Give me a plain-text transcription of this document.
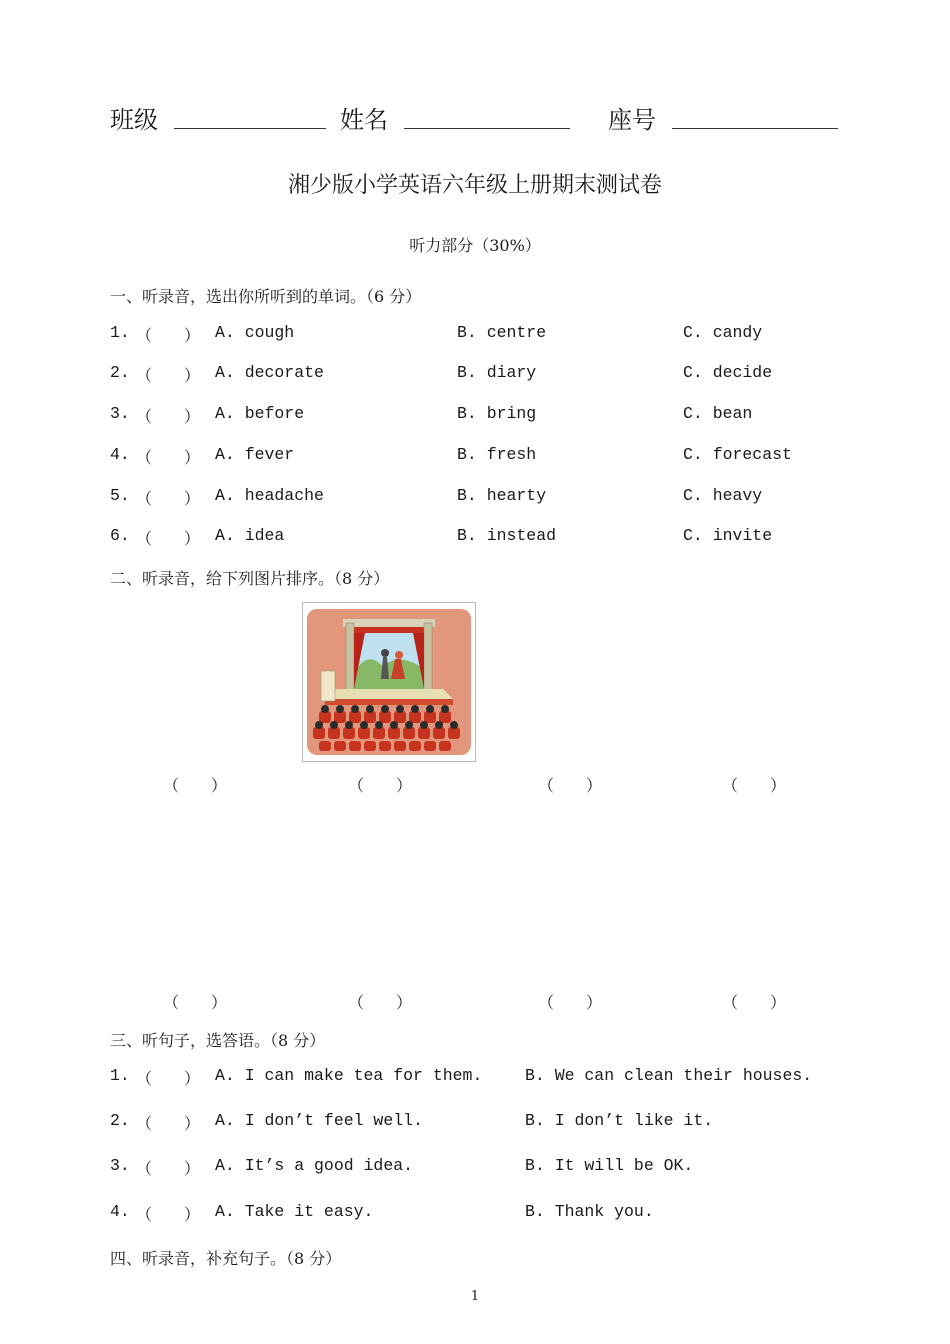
班级	姓名	座号
湘少版小学英语六年级上册期末测试卷
听力部分（30%）
一、听录音，选出你所听到的单词。（6 分）
1. （　　） A. cough	B. centre	C. candy
2. （　　） A. decorate	B. diary	C. decide
3. （　　） A. before	B. bring	C. bean
4. （　　） A. fever	B. fresh	C. forecast
5. （　　） A. headache	B. hearty	C. heavy
6. （　　） A. idea	B. instead	C. invite
二、听录音，给下列图片排序。（8 分）
（　　）	（　　）	（　　）	（　　）
（　　）	（　　）	（　　）	（　　）
三、听句子，选答语。（8 分）
1. （　　） A. I can make tea for them.	B. We can clean their houses.
2. （　　） A. I don’t feel well.	B. I don’t like it.
3. （　　） A. It’s a good idea.	B. It will be OK.
4. （　　） A. Take it easy.	B. Thank you.
四、听录音，补充句子。（8 分）
1
